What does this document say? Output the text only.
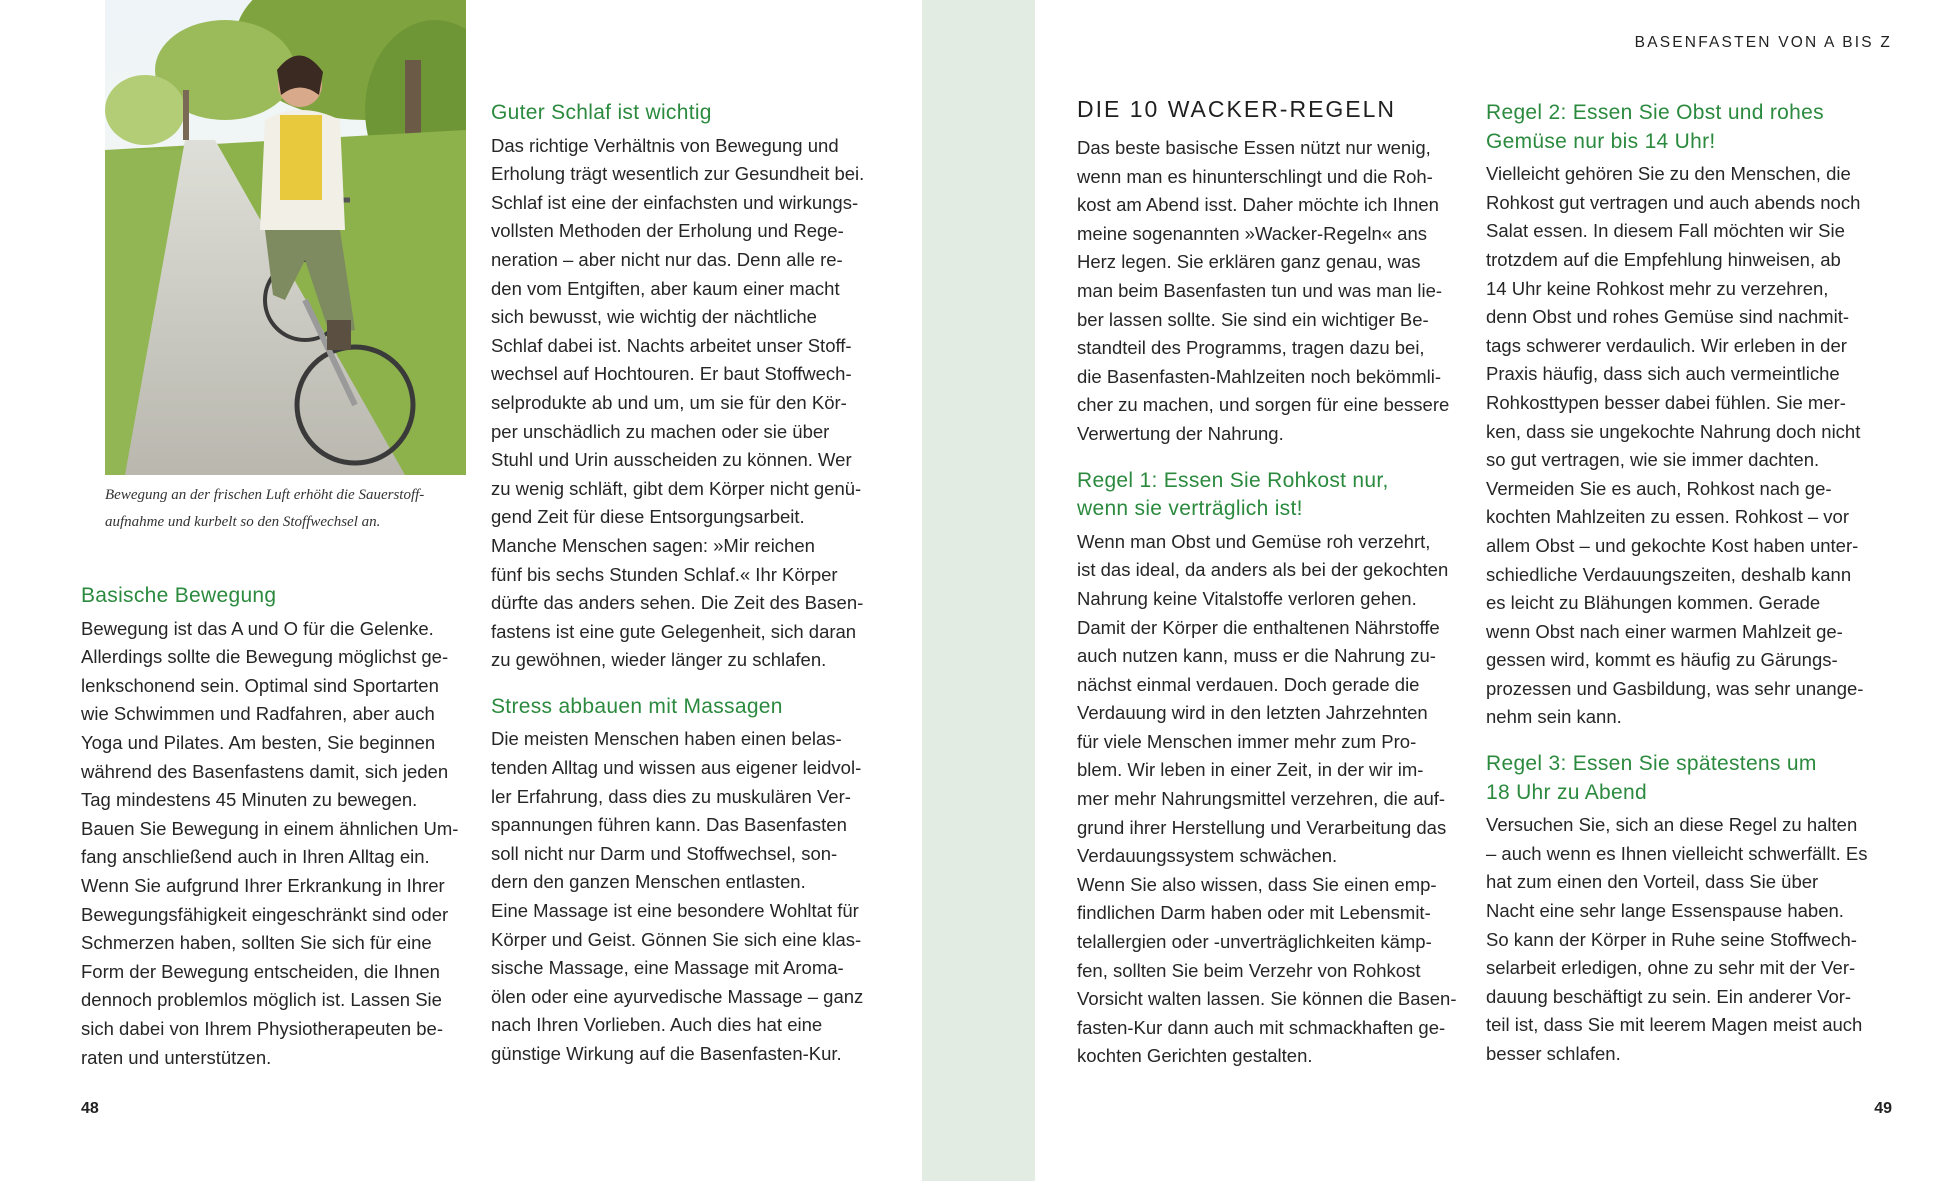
Bewegung an der frischen Luft erhöht die Sauerstoff-
aufnahme und kurbelt so den Stoffwechsel an.

Basische Bewegung

Bewegung ist das A und O für die Gelenke.
Allerdings sollte die Bewegung möglichst ge-
lenkschonend sein. Optimal sind Sportarten
wie Schwimmen und Radfahren, aber auch
Yoga und Pilates. Am besten, Sie beginnen
während des Basenfastens damit, sich jeden
Tag mindestens 45 Minuten zu bewegen.
Bauen Sie Bewegung in einem ähnlichen Um-
fang anschließend auch in Ihren Alltag ein.
Wenn Sie aufgrund Ihrer Erkrankung in Ihrer
Bewegungsfähigkeit eingeschränkt sind oder
Schmerzen haben, sollten Sie sich für eine
Form der Bewegung entscheiden, die Ihnen
dennoch problemlos möglich ist. Lassen Sie
sich dabei von Ihrem Physiotherapeuten be-
raten und unterstützen.

Guter Schlaf ist wichtig

Das richtige Verhältnis von Bewegung und
Erholung trägt wesentlich zur Gesundheit bei.
Schlaf ist eine der einfachsten und wirkungs-
vollsten Methoden der Erholung und Rege-
neration – aber nicht nur das. Denn alle re-
den vom Entgiften, aber kaum einer macht
sich bewusst, wie wichtig der nächtliche
Schlaf dabei ist. Nachts arbeitet unser Stoff-
wechsel auf Hochtouren. Er baut Stoffwech-
selprodukte ab und um, um sie für den Kör-
per unschädlich zu machen oder sie über
Stuhl und Urin ausscheiden zu können. Wer
zu wenig schläft, gibt dem Körper nicht genü-
gend Zeit für diese Entsorgungsarbeit.
Manche Menschen sagen: »Mir reichen
fünf bis sechs Stunden Schlaf.« Ihr Körper
dürfte das anders sehen. Die Zeit des Basen-
fastens ist eine gute Gelegenheit, sich daran
zu gewöhnen, wieder länger zu schlafen.

Stress abbauen mit Massagen

Die meisten Menschen haben einen belas-
tenden Alltag und wissen aus eigener leidvol-
ler Erfahrung, dass dies zu muskulären Ver-
spannungen führen kann. Das Basenfasten
soll nicht nur Darm und Stoffwechsel, son-
dern den ganzen Menschen entlasten.

Eine Massage ist eine besondere Wohltat für
Körper und Geist. Gönnen Sie sich eine klas-
sische Massage, eine Massage mit Aroma-
ölen oder eine ayurvedische Massage – ganz
nach Ihren Vorlieben. Auch dies hat eine
günstige Wirkung auf die Basenfasten-Kur.

48

BASENFASTEN VON A BIS Z

DIE 10 WACKER-REGELN

Das beste basische Essen nützt nur wenig,
wenn man es hinunterschlingt und die Roh-
kost am Abend isst. Daher möchte ich Ihnen
meine sogenannten »Wacker-Regeln« ans
Herz legen. Sie erklären ganz genau, was
man beim Basenfasten tun und was man lie-
ber lassen sollte. Sie sind ein wichtiger Be-
standteil des Programms, tragen dazu bei,
die Basenfasten-Mahlzeiten noch bekömmli-
cher zu machen, und sorgen für eine bessere
Verwertung der Nahrung.

Regel 1: Essen Sie Rohkost nur,
wenn sie verträglich ist!

Wenn man Obst und Gemüse roh verzehrt,
ist das ideal, da anders als bei der gekochten
Nahrung keine Vitalstoffe verloren gehen.
Damit der Körper die enthaltenen Nährstoffe
auch nutzen kann, muss er die Nahrung zu-
nächst einmal verdauen. Doch gerade die
Verdauung wird in den letzten Jahrzehnten
für viele Menschen immer mehr zum Pro-
blem. Wir leben in einer Zeit, in der wir im-
mer mehr Nahrungsmittel verzehren, die auf-
grund ihrer Herstellung und Verarbeitung das
Verdauungssystem schwächen.

Wenn Sie also wissen, dass Sie einen emp-
findlichen Darm haben oder mit Lebensmit-
telallergien oder -unverträglichkeiten kämp-
fen, sollten Sie beim Verzehr von Rohkost
Vorsicht walten lassen. Sie können die Basen-
fasten-Kur dann auch mit schmackhaften ge-
kochten Gerichten gestalten.

Regel 2: Essen Sie Obst und rohes
Gemüse nur bis 14 Uhr!

Vielleicht gehören Sie zu den Menschen, die
Rohkost gut vertragen und auch abends noch
Salat essen. In diesem Fall möchten wir Sie
trotzdem auf die Empfehlung hinweisen, ab
14 Uhr keine Rohkost mehr zu verzehren,
denn Obst und rohes Gemüse sind nachmit-
tags schwerer verdaulich. Wir erleben in der
Praxis häufig, dass sich auch vermeintliche
Rohkosttypen besser dabei fühlen. Sie mer-
ken, dass sie ungekochte Nahrung doch nicht
so gut vertragen, wie sie immer dachten.
Vermeiden Sie es auch, Rohkost nach ge-
kochten Mahlzeiten zu essen. Rohkost – vor
allem Obst – und gekochte Kost haben unter-
schiedliche Verdauungszeiten, deshalb kann
es leicht zu Blähungen kommen. Gerade
wenn Obst nach einer warmen Mahlzeit ge-
gessen wird, kommt es häufig zu Gärungs-
prozessen und Gasbildung, was sehr unange-
nehm sein kann.

Regel 3: Essen Sie spätestens um
18 Uhr zu Abend

Versuchen Sie, sich an diese Regel zu halten
– auch wenn es Ihnen vielleicht schwerfällt. Es
hat zum einen den Vorteil, dass Sie über
Nacht eine sehr lange Essenspause haben.
So kann der Körper in Ruhe seine Stoffwech-
selarbeit erledigen, ohne zu sehr mit der Ver-
dauung beschäftigt zu sein. Ein anderer Vor-
teil ist, dass Sie mit leerem Magen meist auch
besser schlafen.

49
